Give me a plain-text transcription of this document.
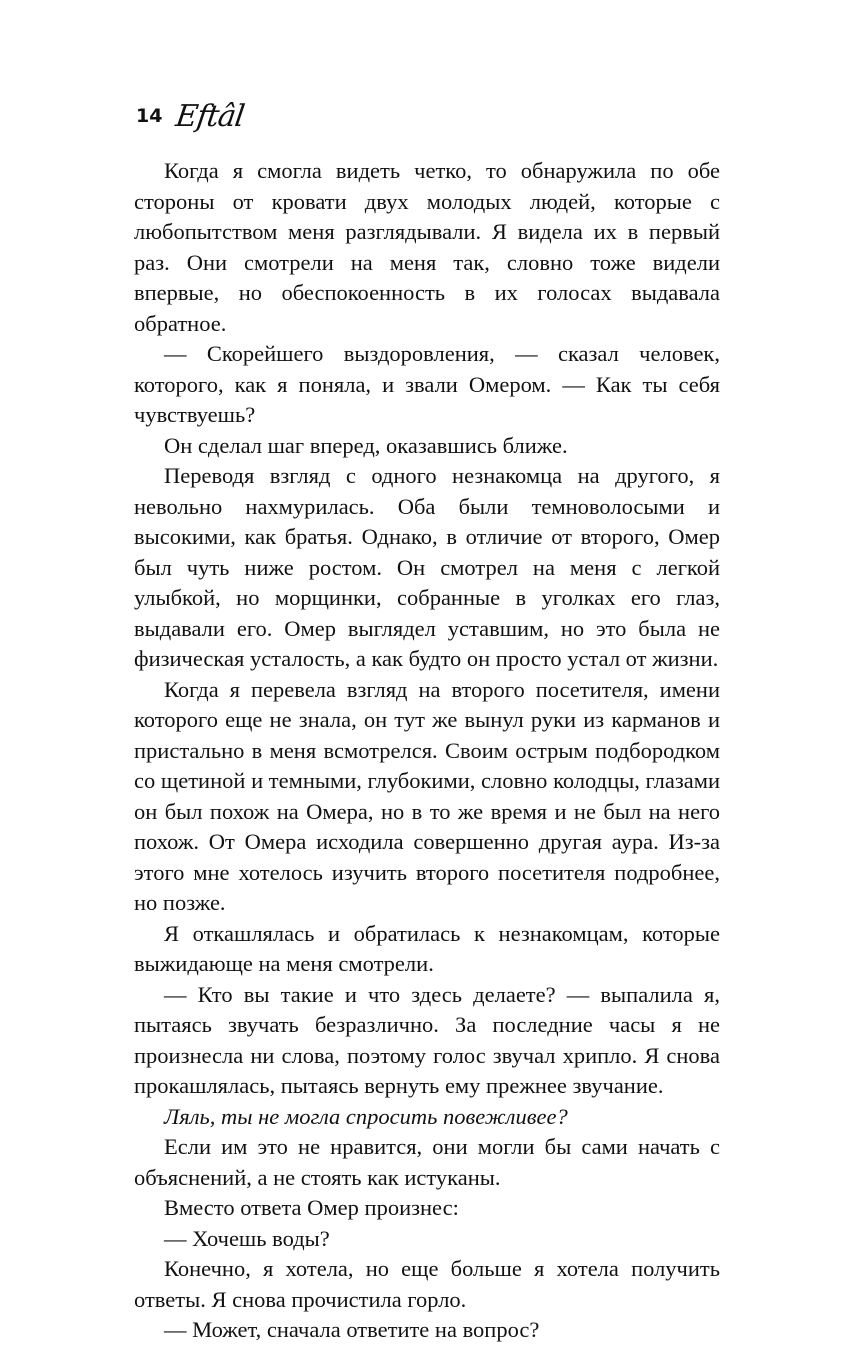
14 Eftâl

Когда я смогла видеть четко, то обнаружила по обе стороны от кровати двух молодых людей, которые с любопытством меня разглядывали. Я видела их в первый раз. Они смотрели на меня так, словно тоже видели впервые, но обеспокоенность в их голосах выдавала обратное.

— Скорейшего выздоровления, — сказал человек, которого, как я поняла, и звали Омером. — Как ты себя чувствуешь?

Он сделал шаг вперед, оказавшись ближе.

Переводя взгляд с одного незнакомца на другого, я невольно нахмурилась. Оба были темноволосыми и высокими, как братья. Однако, в отличие от второго, Омер был чуть ниже ростом. Он смотрел на меня с легкой улыбкой, но морщинки, собранные в уголках его глаз, выдавали его. Омер выглядел уставшим, но это была не физическая усталость, а как будто он просто устал от жизни.

Когда я перевела взгляд на второго посетителя, имени которого еще не знала, он тут же вынул руки из карманов и пристально в меня всмотрелся. Своим острым подбородком со щетиной и темными, глубокими, словно колодцы, глазами он был похож на Омера, но в то же время и не был на него похож. От Омера исходила совершенно другая аура. Из-за этого мне хотелось изучить второго посетителя подробнее, но позже.

Я откашлялась и обратилась к незнакомцам, которые выжидающе на меня смотрели.

— Кто вы такие и что здесь делаете? — выпалила я, пытаясь звучать безразлично. За последние часы я не произнесла ни слова, поэтому голос звучал хрипло. Я снова прокашлялась, пытаясь вернуть ему прежнее звучание.

Ляль, ты не могла спросить повежливее?

Если им это не нравится, они могли бы сами начать с объяснений, а не стоять как истуканы.

Вместо ответа Омер произнес:

— Хочешь воды?

Конечно, я хотела, но еще больше я хотела получить ответы. Я снова прочистила горло.

— Может, сначала ответите на вопрос?
